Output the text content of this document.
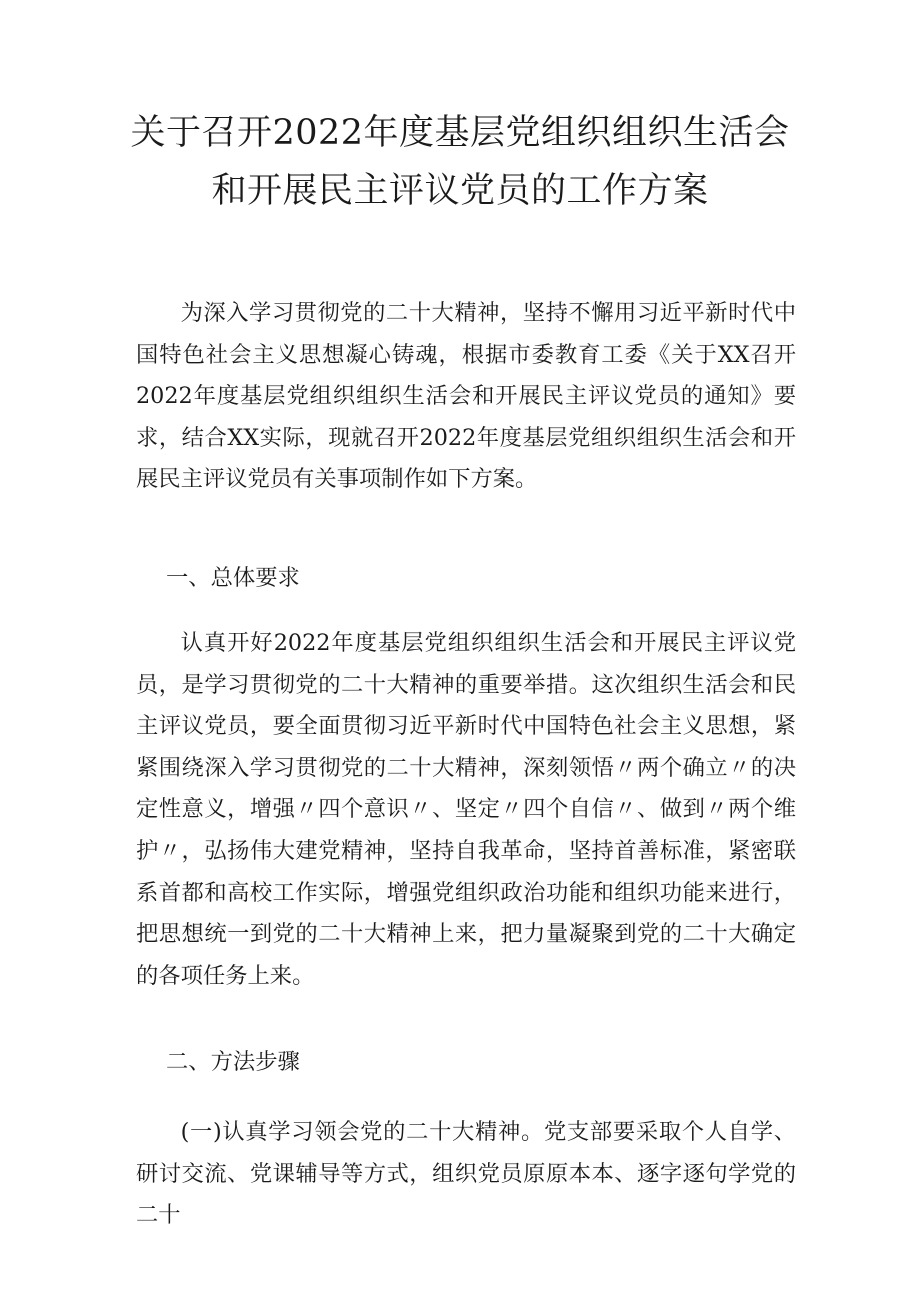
关于召开2022年度基层党组织组织生活会
和开展民主评议党员的工作方案

为深入学习贯彻党的二十大精神，坚持不懈用习近平新时代中国特色社会主义思想凝心铸魂，根据市委教育工委《关于XX召开2022年度基层党组织组织生活会和开展民主评议党员的通知》要求，结合XX实际，现就召开2022年度基层党组织组织生活会和开展民主评议党员有关事项制作如下方案。

一、总体要求

认真开好2022年度基层党组织组织生活会和开展民主评议党员，是学习贯彻党的二十大精神的重要举措。这次组织生活会和民主评议党员，要全面贯彻习近平新时代中国特色社会主义思想，紧紧围绕深入学习贯彻党的二十大精神，深刻领悟〃两个确立〃的决定性意义，增强〃四个意识〃、坚定〃四个自信〃、做到〃两个维护〃，弘扬伟大建党精神，坚持自我革命，坚持首善标准，紧密联系首都和高校工作实际，增强党组织政治功能和组织功能来进行，把思想统一到党的二十大精神上来，把力量凝聚到党的二十大确定的各项任务上来。

二、方法步骤

(一)认真学习领会党的二十大精神。党支部要采取个人自学、研讨交流、党课辅导等方式，组织党员原原本本、逐字逐句学党的二十
